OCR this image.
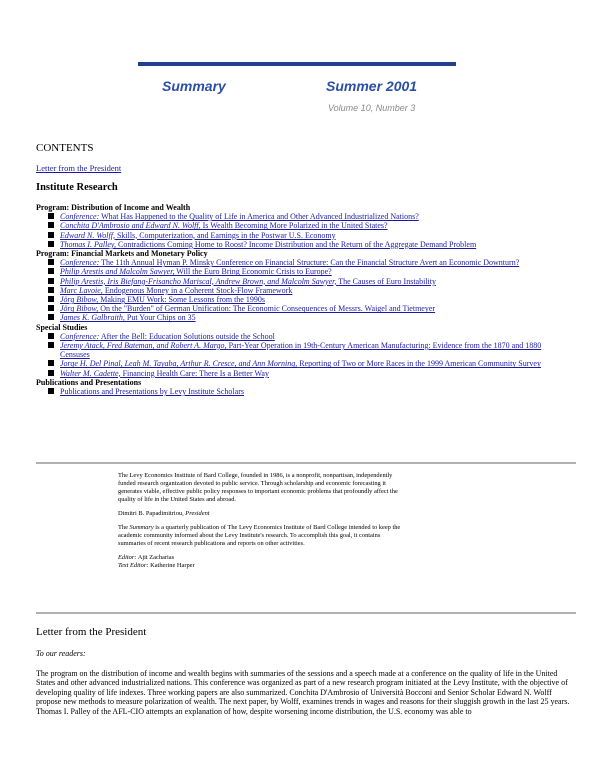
Summary	Summer 2001
Volume 10, Number 3
CONTENTS
Letter from the President
Institute Research
Program: Distribution of Income and Wealth
Conference: What Has Happened to the Quality of Life in America and Other Advanced Industrialized Nations?
Conchita D'Ambrosio and Edward N. Wolff, Is Wealth Becoming More Polarized in the United States?
Edward N. Wolff, Skills, Computerization, and Earnings in the Postwar U.S. Economy
Thomas I. Palley, Contradictions Coming Home to Roost? Income Distribution and the Return of the Aggregate Demand Problem
Program: Financial Markets and Monetary Policy
Conference: The 11th Annual Hyman P. Minsky Conference on Financial Structure: Can the Financial Structure Avert an Economic Downturn?
Philip Arestis and Malcolm Sawyer, Will the Euro Bring Economic Crisis to Europe?
Philip Arestis, Iris Biefang-Frisancho Mariscal, Andrew Brown, and Malcolm Sawyer, The Causes of Euro Instability
Marc Lavoie, Endogenous Money in a Coherent Stock-Flow Framework
Jörg Bibow, Making EMU Work: Some Lessons from the 1990s
Jörg Bibow, On the "Burden" of German Unification: The Economic Consequences of Messrs. Waigel and Tietmeyer
James K. Galbraith, Put Your Chips on 35
Special Studies
Conference: After the Bell: Education Solutions outside the School
Jeremy Atack, Fred Bateman, and Robert A. Margo, Part-Year Operation in 19th-Century American Manufacturing: Evidence from the 1870 and 1880 Censuses
Jorge H. Del Pinal, Leah M. Tayaba, Arthur R. Cresce, and Ann Morning, Reporting of Two or More Races in the 1999 American Community Survey
Walter M. Cadette, Financing Health Care: There Is a Better Way
Publications and Presentations
Publications and Presentations by Levy Institute Scholars

The Levy Economics Institute of Bard College, founded in 1986, is a nonprofit, nonpartisan, independently funded research organization devoted to public service. Through scholarship and economic forecasting it generates viable, effective public policy responses to important economic problems that profoundly affect the quality of life in the United States and abroad.

Dimitri B. Papadimitriou, President

The Summary is a quarterly publication of The Levy Economics Institute of Bard College intended to keep the academic community informed about the Levy Institute's research. To accomplish this goal, it contains summaries of recent research publications and reports on other activities.

Editor: Ajit Zacharias
Text Editor: Katherine Harper

Letter from the President
To our readers:
The program on the distribution of income and wealth begins with summaries of the sessions and a speech made at a conference on the quality of life in the United States and other advanced industrialized nations. This conference was organized as part of a new research program initiated at the Levy Institute, with the objective of developing quality of life indexes. Three working papers are also summarized. Conchita D'Ambrosio of Università Bocconi and Senior Scholar Edward N. Wolff propose new methods to measure polarization of wealth. The next paper, by Wolff, examines trends in wages and reasons for their sluggish growth in the last 25 years. Thomas I. Palley of the AFL-CIO attempts an explanation of how, despite worsening income distribution, the U.S. economy was able to
